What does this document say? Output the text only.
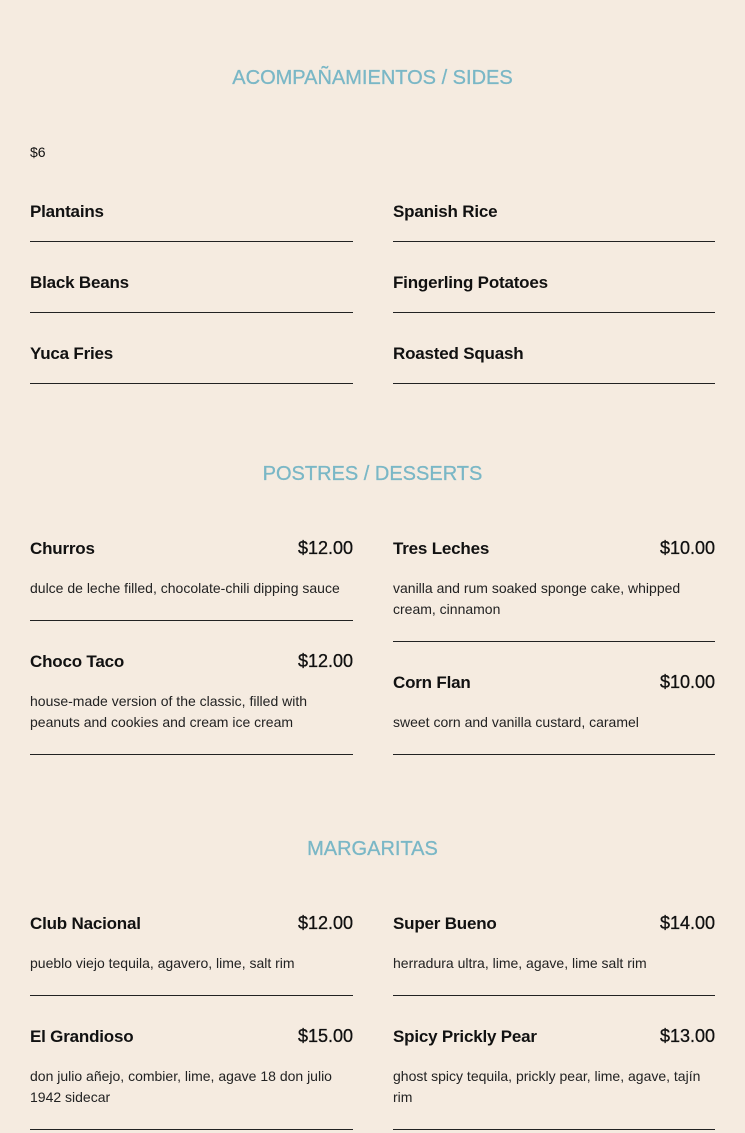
ACOMPAÑAMIENTOS / SIDES
$6
Plantains	Spanish Rice
Black Beans	Fingerling Potatoes
Yuca Fries	Roasted Squash
POSTRES / DESSERTS
Churros	$12.00
dulce de leche filled, chocolate-chili dipping sauce
Tres Leches	$10.00
vanilla and rum soaked sponge cake, whipped cream, cinnamon
Choco Taco	$12.00
house-made version of the classic, filled with peanuts and cookies and cream ice cream
Corn Flan	$10.00
sweet corn and vanilla custard, caramel
MARGARITAS
Club Nacional	$12.00
pueblo viejo tequila, agavero, lime, salt rim
Super Bueno	$14.00
herradura ultra, lime, agave, lime salt rim
El Grandioso	$15.00
don julio añejo, combier, lime, agave 18 don julio 1942 sidecar
Spicy Prickly Pear	$13.00
ghost spicy tequila, prickly pear, lime, agave, tajín rim
